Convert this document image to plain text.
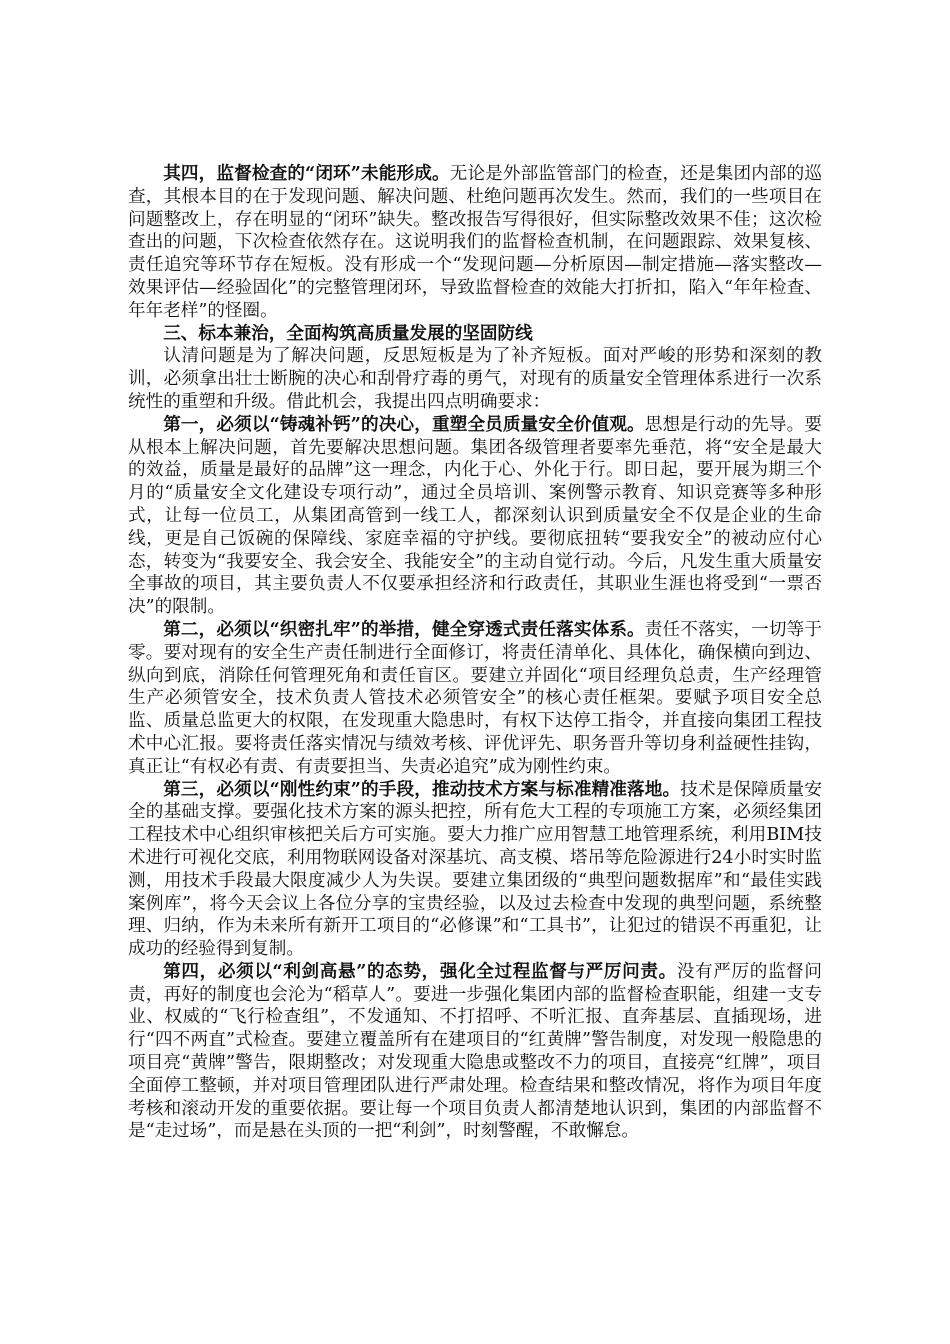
其四，监督检查的“闭环”未能形成。无论是外部监管部门的检查，还是集团内部的巡查，其根本目的在于发现问题、解决问题、杜绝问题再次发生。然而，我们的一些项目在问题整改上，存在明显的“闭环”缺失。整改报告写得很好，但实际整改效果不佳；这次检查出的问题，下次检查依然存在。这说明我们的监督检查机制，在问题跟踪、效果复核、责任追究等环节存在短板。没有形成一个“发现问题—分析原因—制定措施—落实整改—效果评估—经验固化”的完整管理闭环，导致监督检查的效能大打折扣，陷入“年年检查、年年老样”的怪圈。

三、标本兼治，全面构筑高质量发展的坚固防线

认清问题是为了解决问题，反思短板是为了补齐短板。面对严峻的形势和深刻的教训，必须拿出壮士断腕的决心和刮骨疗毒的勇气，对现有的质量安全管理体系进行一次系统性的重塑和升级。借此机会，我提出四点明确要求：

第一，必须以“铸魂补钙”的决心，重塑全员质量安全价值观。思想是行动的先导。要从根本上解决问题，首先要解决思想问题。集团各级管理者要率先垂范，将“安全是最大的效益，质量是最好的品牌”这一理念，内化于心、外化于行。即日起，要开展为期三个月的“质量安全文化建设专项行动”，通过全员培训、案例警示教育、知识竞赛等多种形式，让每一位员工，从集团高管到一线工人，都深刻认识到质量安全不仅是企业的生命线，更是自己饭碗的保障线、家庭幸福的守护线。要彻底扭转“要我安全”的被动应付心态，转变为“我要安全、我会安全、我能安全”的主动自觉行动。今后，凡发生重大质量安全事故的项目，其主要负责人不仅要承担经济和行政责任，其职业生涯也将受到“一票否决”的限制。

第二，必须以“织密扎牢”的举措，健全穿透式责任落实体系。责任不落实，一切等于零。要对现有的安全生产责任制进行全面修订，将责任清单化、具体化，确保横向到边、纵向到底，消除任何管理死角和责任盲区。要建立并固化“项目经理负总责，生产经理管生产必须管安全，技术负责人管技术必须管安全”的核心责任框架。要赋予项目安全总监、质量总监更大的权限，在发现重大隐患时，有权下达停工指令，并直接向集团工程技术中心汇报。要将责任落实情况与绩效考核、评优评先、职务晋升等切身利益硬性挂钩，真正让“有权必有责、有责要担当、失责必追究”成为刚性约束。

第三，必须以“刚性约束”的手段，推动技术方案与标准精准落地。技术是保障质量安全的基础支撑。要强化技术方案的源头把控，所有危大工程的专项施工方案，必须经集团工程技术中心组织审核把关后方可实施。要大力推广应用智慧工地管理系统，利用BIM技术进行可视化交底，利用物联网设备对深基坑、高支模、塔吊等危险源进行24小时实时监测，用技术手段最大限度减少人为失误。要建立集团级的“典型问题数据库”和“最佳实践案例库”，将今天会议上各位分享的宝贵经验，以及过去检查中发现的典型问题，系统整理、归纳，作为未来所有新开工项目的“必修课”和“工具书”，让犯过的错误不再重犯，让成功的经验得到复制。

第四，必须以“利剑高悬”的态势，强化全过程监督与严厉问责。没有严厉的监督问责，再好的制度也会沦为“稻草人”。要进一步强化集团内部的监督检查职能，组建一支专业、权威的“飞行检查组”，不发通知、不打招呼、不听汇报、直奔基层、直插现场，进行“四不两直”式检查。要建立覆盖所有在建项目的“红黄牌”警告制度，对发现一般隐患的项目亮“黄牌”警告，限期整改；对发现重大隐患或整改不力的项目，直接亮“红牌”，项目全面停工整顿，并对项目管理团队进行严肃处理。检查结果和整改情况，将作为项目年度考核和滚动开发的重要依据。要让每一个项目负责人都清楚地认识到，集团的内部监督不是“走过场”，而是悬在头顶的一把“利剑”，时刻警醒，不敢懈怠。
